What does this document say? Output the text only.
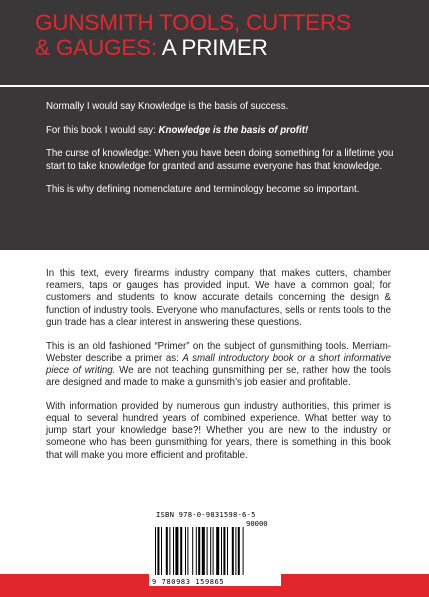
GUNSMITH TOOLS, CUTTERS
& GAUGES: A PRIMER

Normally I would say Knowledge is the basis of success.

For this book I would say: Knowledge is the basis of profit!

The curse of knowledge: When you have been doing something for a lifetime you start to take knowledge for granted and assume everyone has that knowledge.

This is why defining nomenclature and terminology become so important.

In this text, every firearms industry company that makes cutters, chamber reamers, taps or gauges has provided input. We have a common goal; for customers and students to know accurate details concerning the design & function of industry tools. Everyone who manufactures, sells or rents tools to the gun trade has a clear interest in answering these questions.

This is an old fashioned “Primer” on the subject of gunsmithing tools. Merriam-Webster describe a primer as: A small introductory book or a short informative piece of writing. We are not teaching gunsmithing per se, rather how the tools are designed and made to make a gunsmith’s job easier and profitable.

With information provided by numerous gun industry authorities, this primer is equal to several hundred years of combined experience. What better way to jump start your knowledge base?! Whether you are new to the industry or someone who has been gunsmithing for years, there is something in this book that will make you more efficient and profitable.

ISBN 978-0-9831598-6-5
90000
9 780983 159865
